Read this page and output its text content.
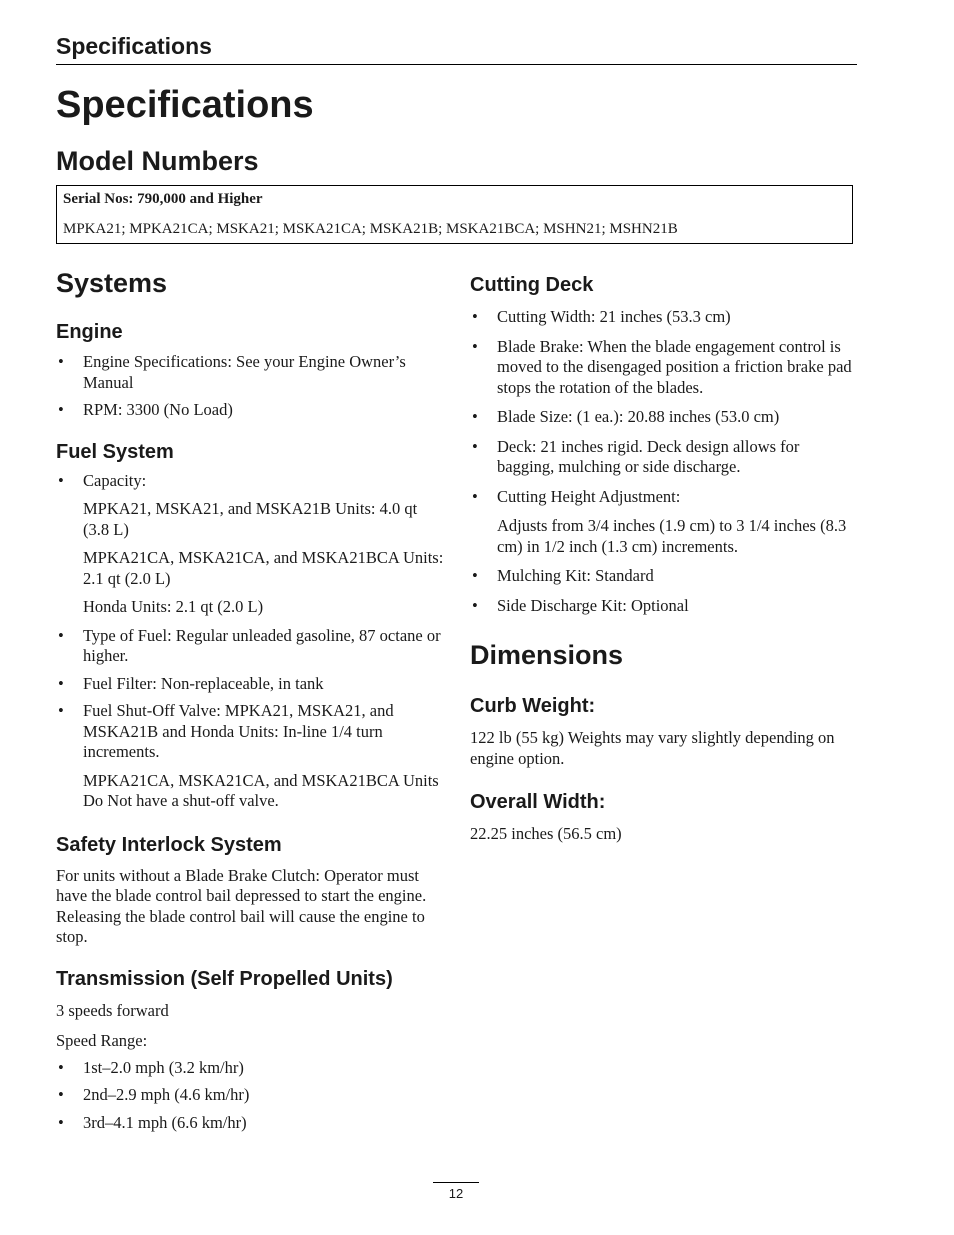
Specifications
Specifications
Model Numbers
Serial Nos: 790,000 and Higher
MPKA21; MPKA21CA; MSKA21; MSKA21CA; MSKA21B; MSKA21BCA; MSHN21; MSHN21B
Systems
Engine
• Engine Specifications: See your Engine Owner’s Manual
• RPM: 3300 (No Load)
Fuel System
• Capacity:
MPKA21, MSKA21, and MSKA21B Units: 4.0 qt (3.8 L)
MPKA21CA, MSKA21CA, and MSKA21BCA Units: 2.1 qt (2.0 L)
Honda Units: 2.1 qt (2.0 L)
• Type of Fuel: Regular unleaded gasoline, 87 octane or higher.
• Fuel Filter: Non-replaceable, in tank
• Fuel Shut-Off Valve: MPKA21, MSKA21, and MSKA21B and Honda Units: In-line 1/4 turn increments.
MPKA21CA, MSKA21CA, and MSKA21BCA Units Do Not have a shut-off valve.
Safety Interlock System

For units without a Blade Brake Clutch: Operator must have the blade control bail depressed to start the engine. Releasing the blade control bail will cause the engine to stop.

Transmission (Self Propelled Units)

3 speeds forward

Speed Range:

• 1st–2.0 mph (3.2 km/hr)
• 2nd–2.9 mph (4.6 km/hr)
• 3rd–4.1 mph (6.6 km/hr)
Cutting Deck
• Cutting Width: 21 inches (53.3 cm)
• Blade Brake: When the blade engagement control is moved to the disengaged position a friction brake pad stops the rotation of the blades.
• Blade Size: (1 ea.): 20.88 inches (53.0 cm)
• Deck: 21 inches rigid. Deck design allows for bagging, mulching or side discharge.
• Cutting Height Adjustment:
Adjusts from 3/4 inches (1.9 cm) to 3 1/4 inches (8.3 cm) in 1/2 inch (1.3 cm) increments.
• Mulching Kit: Standard
• Side Discharge Kit: Optional
Dimensions
Curb Weight:

122 lb (55 kg) Weights may vary slightly depending on engine option.

Overall Width:

22.25 inches (56.5 cm)

12
